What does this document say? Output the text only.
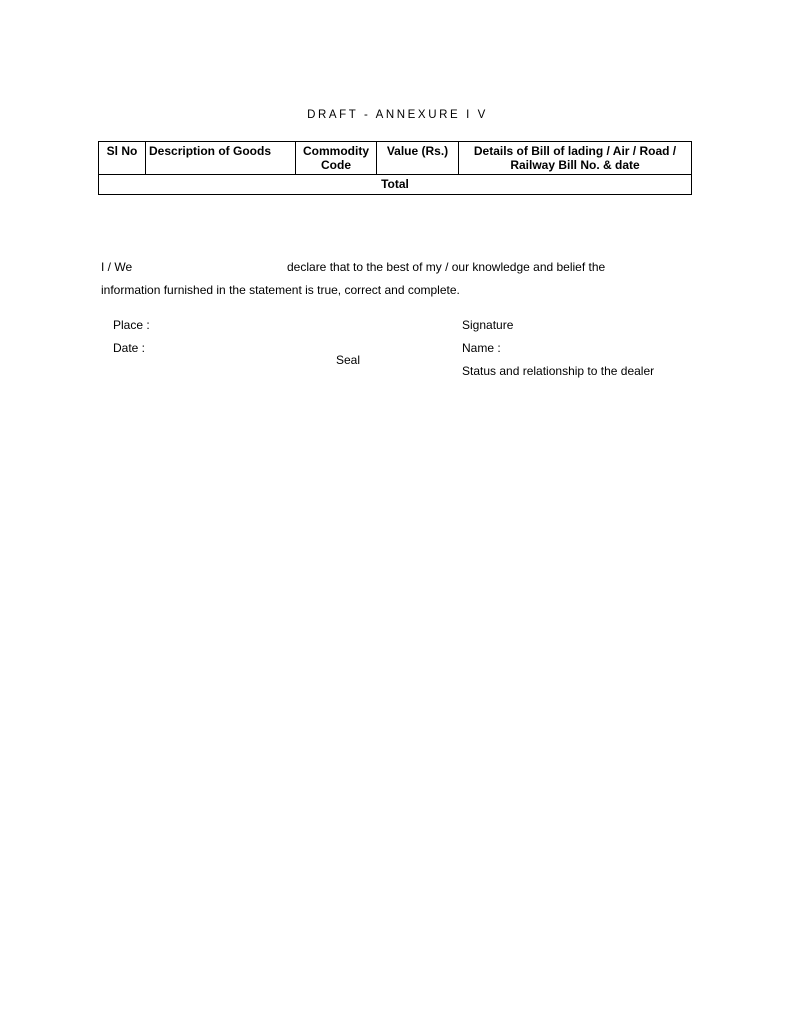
DRAFT - ANNEXURE I V
Sl No	Description of Goods	Commodity Code	Value (Rs.)	Details of Bill of lading / Air / Road / Railway Bill No. & date
Total
I / We	declare that to the best of my / our knowledge and belief the
information furnished in the statement is true, correct and complete.
Place :
Date :
Seal
Signature
Name :
Status and relationship to the dealer
